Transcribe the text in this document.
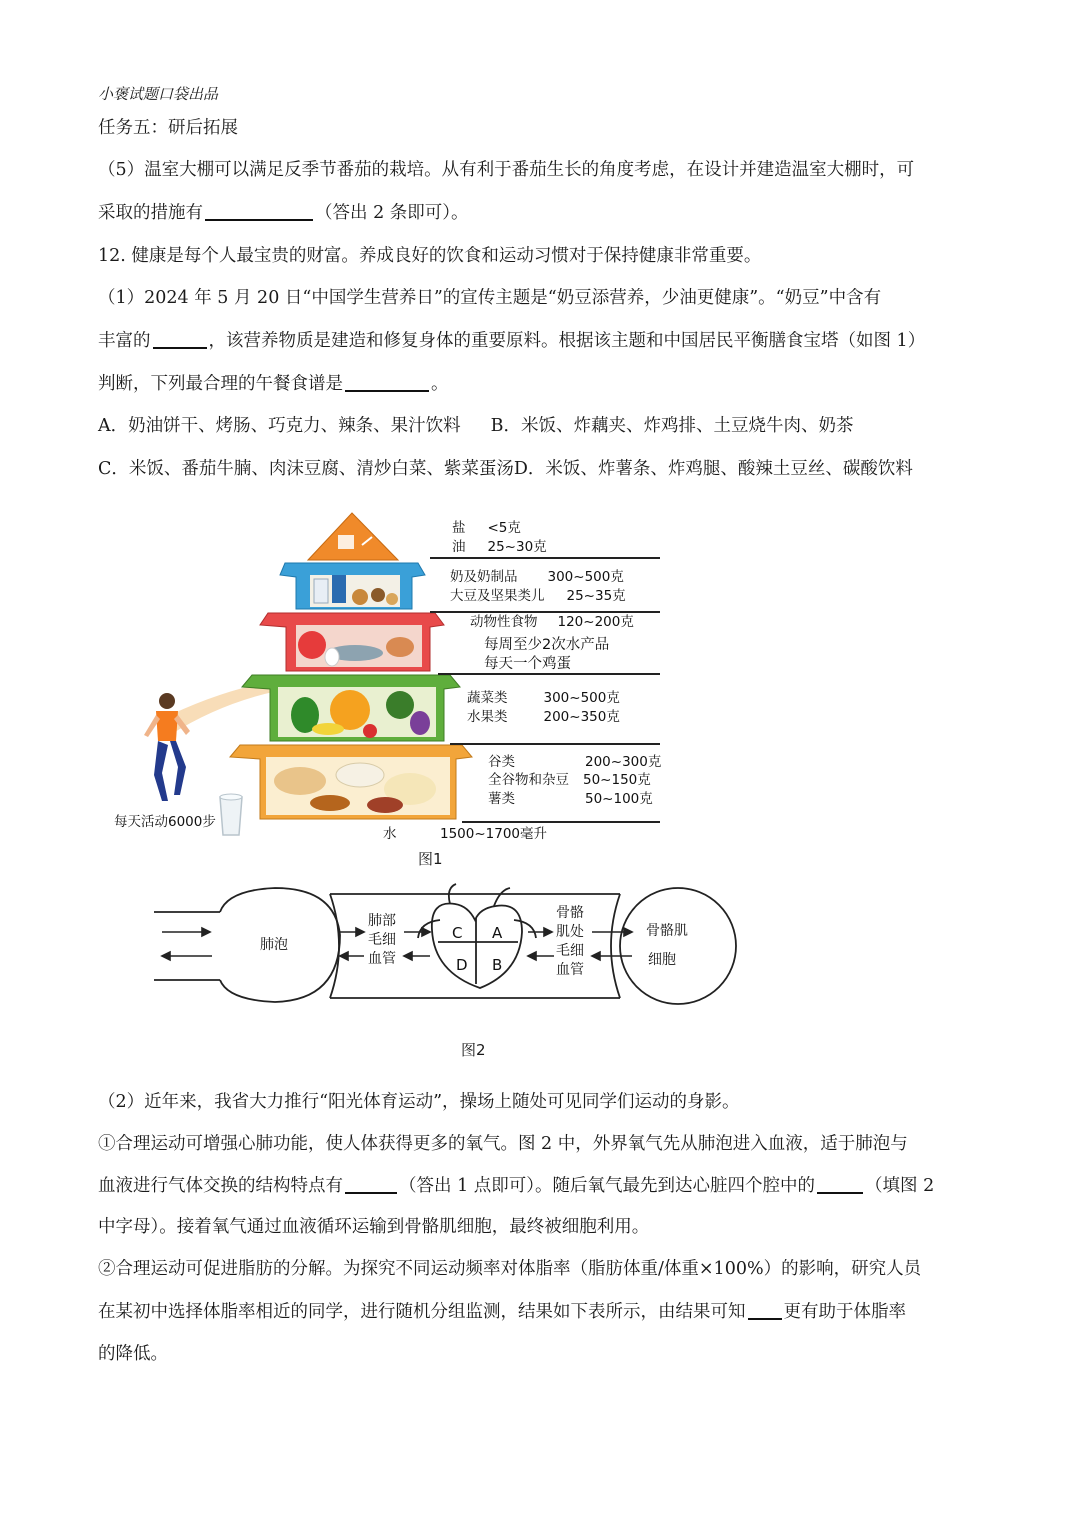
小褒试题口袋出品
任务五：研后拓展
（5）温室大棚可以满足反季节番茄的栽培。从有利于番茄生长的角度考虑，在设计并建造温室大棚时，可
采取的措施有	（答出 2 条即可）。
12. 健康是每个人最宝贵的财富。养成良好的饮食和运动习惯对于保持健康非常重要。
（1）2024 年 5 月 20 日“中国学生营养日”的宣传主题是“奶豆添营养，少油更健康”。“奶豆”中含有
丰富的	，该营养物质是建造和修复身体的重要原料。根据该主题和中国居民平衡膳食宝塔（如图 1）
判断，下列最合理的午餐食谱是	。
A．奶油饼干、烤肠、巧克力、辣条、果汁饮料 B．米饭、炸藕夹、炸鸡排、土豆烧牛肉、奶茶
C．米饭、番茄牛腩、肉沫豆腐、清炒白菜、紫菜蛋汤D．米饭、炸薯条、炸鸡腿、酸辣土豆丝、碳酸饮料
盐 <5克
油 25~30克
奶及奶制品 300~500克
大豆及坚果类儿 25~35克
动物性食物 120~200克
每周至少2次水产品
每天一个鸡蛋
蔬菜类	300~500克
水果类	200~350克
谷类	200~300克
全谷物和杂豆 50~150克
薯类	50~100克
每天活动6000步
水	1500~1700毫升
图1
C A
D B
肺泡
肺部
毛细
血管
骨骼
肌处
毛细
血管
骨骼肌
细胞
图2
（2）近年来，我省大力推行“阳光体育运动”，操场上随处可见同学们运动的身影。
①合理运动可增强心肺功能，使人体获得更多的氧气。图 2 中，外界氧气先从肺泡进入血液，适于肺泡与
血液进行气体交换的结构特点有	（答出 1 点即可）。随后氧气最先到达心脏四个腔中的	（填图 2
中字母）。接着氧气通过血液循环运输到骨骼肌细胞，最终被细胞利用。
②合理运动可促进脂肪的分解。为探究不同运动频率对体脂率（脂肪体重/体重×100%）的影响，研究人员
在某初中选择体脂率相近的同学，进行随机分组监测，结果如下表所示，由结果可知 更有助于体脂率
的降低。
